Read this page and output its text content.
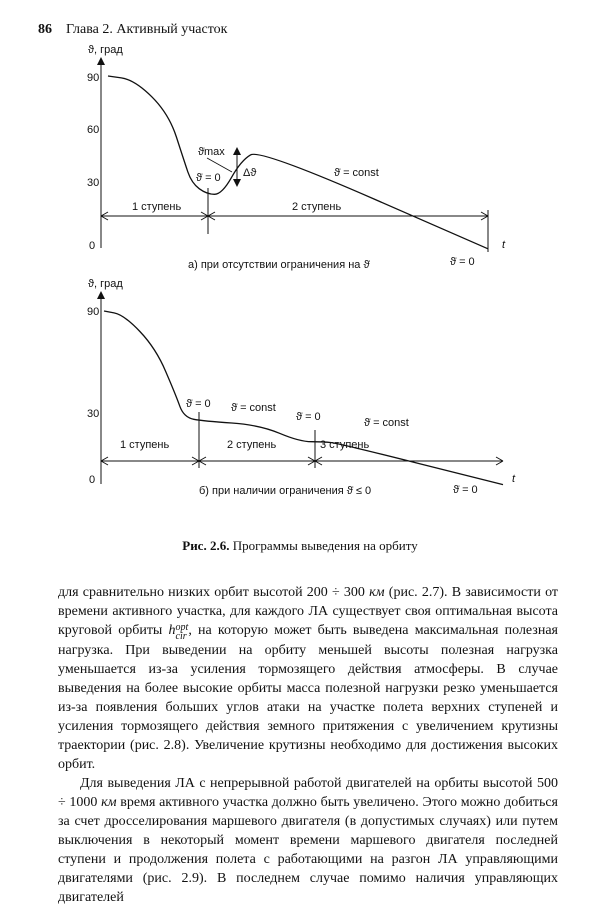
86 Глава 2. Активный участок
ϑ, град
90
60
30
0
1 ступень	2 ступень
Δϑ
ϑ̇max
ϑ̇ = 0	ϑ̇ = const
t
ϑ̇ = 0
а) при отсутствии ограничения на ϑ̇
ϑ, град
90
30
0
1 ступень	2 ступень	3 ступень
ϑ̇ = 0 ϑ̇ = const
ϑ̇ = 0	ϑ̇ = const
t
ϑ̇ = 0
б) при наличии ограничения ϑ̇ ≤ 0
Рис. 2.6. Программы выведения на орбиту

для сравнительно низких орбит высотой 200 ÷ 300 км (рис. 2.7). В зависимости от времени активного участка, для каждого ЛА существует своя оптимальная высота круговой орбиты h opt
cir , на которую может быть выведена максимальная полезная нагрузка. При выведении на орбиту меньшей высоты полезная нагрузка уменьшается из-за усиления тормозящего действия атмосферы. В случае выведения на более высокие орбиты масса полезной нагрузки резко уменьшается из-за появления больших углов атаки на участке полета верхних ступеней и усиления тормозящего действия земного притяжения с увеличением крутизны траектории (рис. 2.8). Увеличение крутизны необходимо для достижения высоких орбит.

Для выведения ЛА с непрерывной работой двигателей на орбиты высотой 500 ÷ 1000 км время активного участка должно быть увеличено. Этого можно добиться за счет дросселирования маршевого двигателя (в допустимых случаях) или путем выключения в некоторый момент времени маршевого двигателя последней ступени и продолжения полета с работающими на разгон ЛА управляющими двигателями (рис. 2.9). В последнем случае помимо наличия управляющих двигателей
